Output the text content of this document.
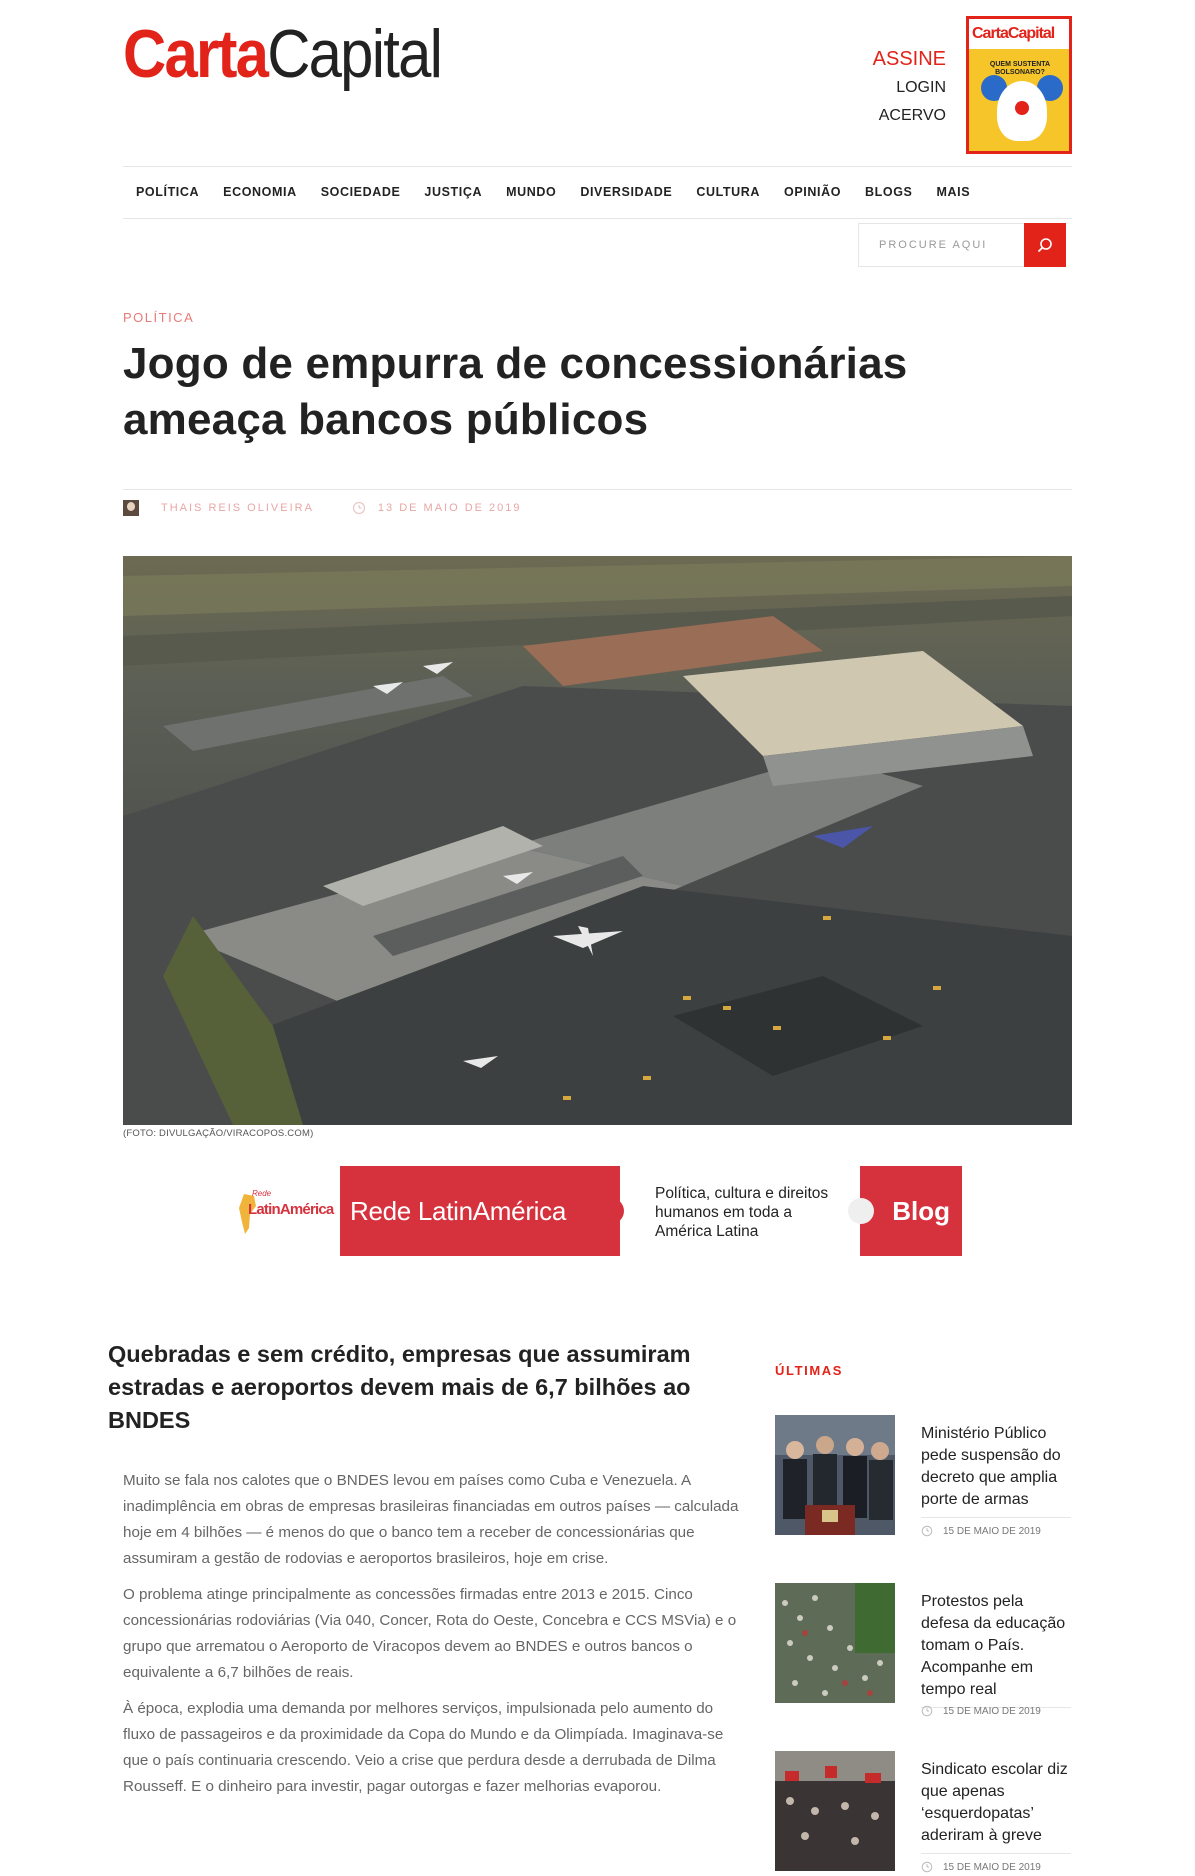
CartaCapital	ASSINE
LOGIN
ACERVO
CartaCapital
QUEM SUSTENTA BOLSONARO?
POLÍTICA	ECONOMIA	SOCIEDADE	JUSTIÇA	MUNDO	DIVERSIDADE	CULTURA	OPINIÃO	BLOGS	MAIS
PROCURE AQUI
POLÍTICA
Jogo de empurra de concessionárias ameaça bancos públicos
THAIS REIS OLIVEIRA	13 DE MAIO DE 2019
(FOTO: DIVULGAÇÃO/VIRACOPOS.COM)
Rede
LatinAmérica Rede LatinAmérica
Política, cultura e direitos humanos em toda a América Latina
Blog
Quebradas e sem crédito, empresas que assumiram estradas e aeroportos devem mais de 6,7 bilhões ao BNDES

Muito se fala nos calotes que o BNDES levou em países como Cuba e Venezuela. A inadimplência em obras de empresas brasileiras financiadas em outros países — calculada hoje em 4 bilhões — é menos do que o banco tem a receber de concessionárias que assumiram a gestão de rodovias e aeroportos brasileiros, hoje em crise.

O problema atinge principalmente as concessões firmadas entre 2013 e 2015. Cinco concessionárias rodoviárias (Via 040, Concer, Rota do Oeste, Concebra e CCS MSVia) e o grupo que arrematou o Aeroporto de Viracopos devem ao BNDES e outros bancos o equivalente a 6,7 bilhões de reais.

À época, explodia uma demanda por melhores serviços, impulsionada pelo aumento do fluxo de passageiros e da proximidade da Copa do Mundo e da Olimpíada. Imaginava-se que o país continuaria crescendo. Veio a crise que perdura desde a derrubada de Dilma Rousseff. E o dinheiro para investir, pagar outorgas e fazer melhorias evaporou.

ÚLTIMAS
Ministério Público pede suspensão do decreto que amplia porte de armas
15 DE MAIO DE 2019
Protestos pela defesa da educação tomam o País. Acompanhe em tempo real
15 DE MAIO DE 2019
Sindicato escolar diz que apenas ‘esquerdopatas’ aderiram à greve
15 DE MAIO DE 2019
